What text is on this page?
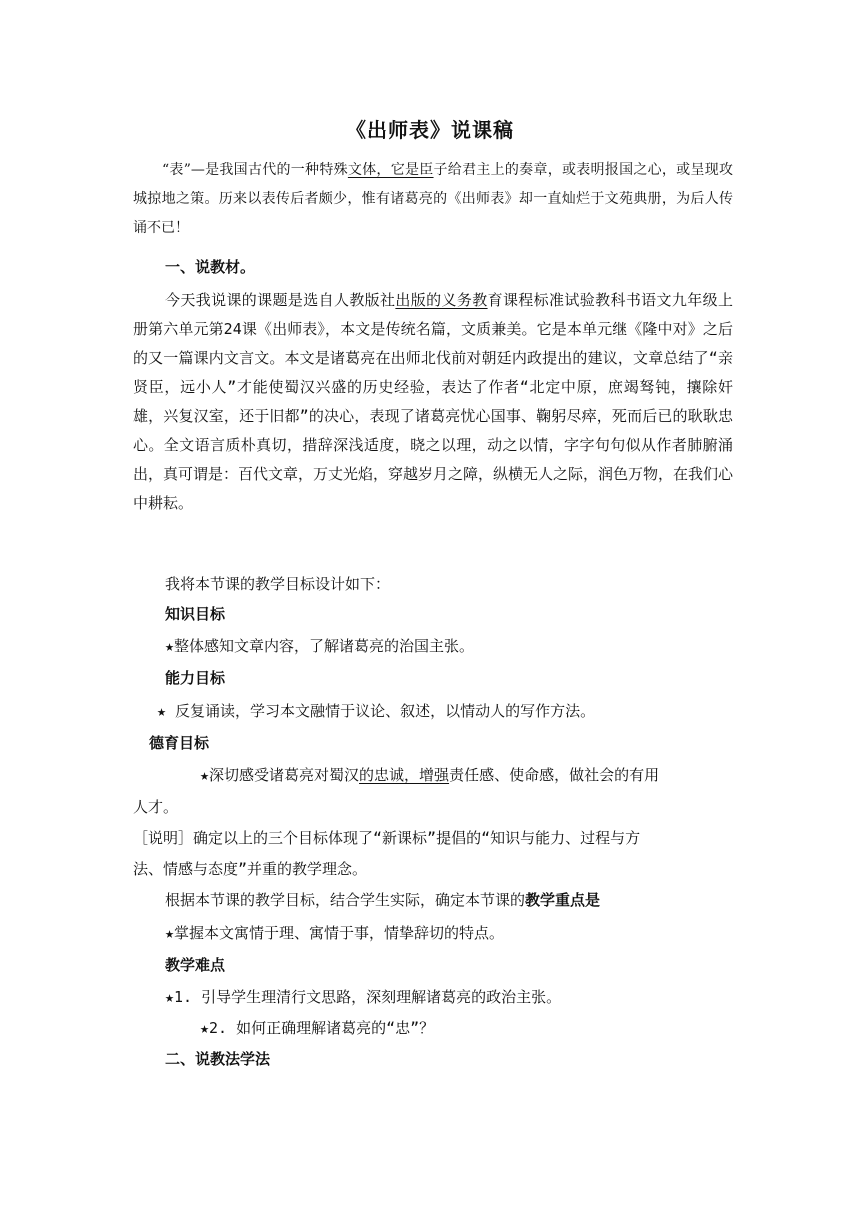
《出师表》说课稿
“表”—是我国古代的一种特殊文体，它是臣子给君主上的奏章，或表明报国之心，或呈现攻城掠地之策。历来以表传后者颇少，惟有诸葛亮的《出师表》却一直灿烂于文苑典册，为后人传诵不已！
一、说教材。
今天我说课的课题是选自人教版社出版的义务教育课程标准试验教科书语文九年级上册第六单元第24课《出师表》，本文是传统名篇，文质兼美。它是本单元继《隆中对》之后的又一篇课内文言文。本文是诸葛亮在出师北伐前对朝廷内政提出的建议，文章总结了“亲贤臣，远小人”才能使蜀汉兴盛的历史经验，表达了作者“北定中原，庶竭驽钝，攘除奸雄，兴复汉室，还于旧都”的决心，表现了诸葛亮忧心国事、鞠躬尽瘁，死而后已的耿耿忠心。全文语言质朴真切，措辞深浅适度，晓之以理，动之以情，字字句句似从作者肺腑涌出，真可谓是：百代文章，万丈光焰，穿越岁月之障，纵横无人之际，润色万物，在我们心中耕耘。
我将本节课的教学目标设计如下：
知识目标
★整体感知文章内容，了解诸葛亮的治国主张。
能力目标
★ 反复诵读，学习本文融情于议论、叙述，以情动人的写作方法。
德育目标
★深切感受诸葛亮对蜀汉的忠诚，增强责任感、使命感，做社会的有用
人才。
［说明］确定以上的三个目标体现了“新课标”提倡的“知识与能力、过程与方
法、情感与态度”并重的教学理念。
根据本节课的教学目标，结合学生实际，确定本节课的教学重点是
★掌握本文寓情于理、寓情于事，情挚辞切的特点。
教学难点
★1. 引导学生理清行文思路，深刻理解诸葛亮的政治主张。
★2. 如何正确理解诸葛亮的“忠”？
二、说教法学法
